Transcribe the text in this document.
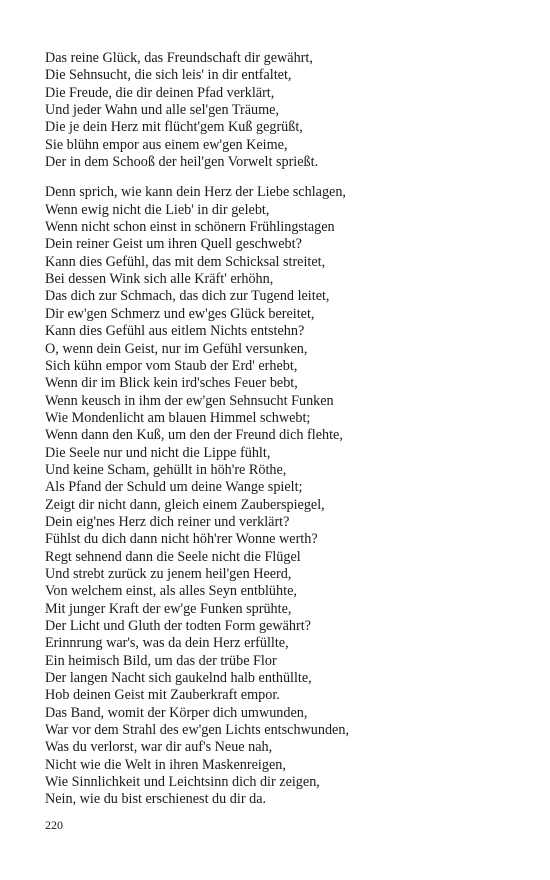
Das reine Glück, das Freundschaft dir gewährt,
Die Sehnsucht, die sich leis' in dir entfaltet,
Die Freude, die dir deinen Pfad verklärt,
Und jeder Wahn und alle sel'gen Träume,
Die je dein Herz mit flücht'gem Kuß gegrüßt,
Sie blühn empor aus einem ew'gen Keime,
Der in dem Schooß der heil'gen Vorwelt sprießt.
Denn sprich, wie kann dein Herz der Liebe schlagen,
Wenn ewig nicht die Lieb' in dir gelebt,
Wenn nicht schon einst in schönern Frühlingstagen
Dein reiner Geist um ihren Quell geschwebt?
Kann dies Gefühl, das mit dem Schicksal streitet,
Bei dessen Wink sich alle Kräft' erhöhn,
Das dich zur Schmach, das dich zur Tugend leitet,
Dir ew'gen Schmerz und ew'ges Glück bereitet,
Kann dies Gefühl aus eitlem Nichts entstehn?
O, wenn dein Geist, nur im Gefühl versunken,
Sich kühn empor vom Staub der Erd' erhebt,
Wenn dir im Blick kein ird'sches Feuer bebt,
Wenn keusch in ihm der ew'gen Sehnsucht Funken
Wie Mondenlicht am blauen Himmel schwebt;
Wenn dann den Kuß, um den der Freund dich flehte,
Die Seele nur und nicht die Lippe fühlt,
Und keine Scham, gehüllt in höh're Röthe,
Als Pfand der Schuld um deine Wange spielt;
Zeigt dir nicht dann, gleich einem Zauberspiegel,
Dein eig'nes Herz dich reiner und verklärt?
Fühlst du dich dann nicht höh'rer Wonne werth?
Regt sehnend dann die Seele nicht die Flügel
Und strebt zurück zu jenem heil'gen Heerd,
Von welchem einst, als alles Seyn entblühte,
Mit junger Kraft der ew'ge Funken sprühte,
Der Licht und Gluth der todten Form gewährt?
Erinnrung war's, was da dein Herz erfüllte,
Ein heimisch Bild, um das der trübe Flor
Der langen Nacht sich gaukelnd halb enthüllte,
Hob deinen Geist mit Zauberkraft empor.
Das Band, womit der Körper dich umwunden,
War vor dem Strahl des ew'gen Lichts entschwunden,
Was du verlorst, war dir auf's Neue nah,
Nicht wie die Welt in ihren Maskenreigen,
Wie Sinnlichkeit und Leichtsinn dich dir zeigen,
Nein, wie du bist erschienest du dir da.
220
